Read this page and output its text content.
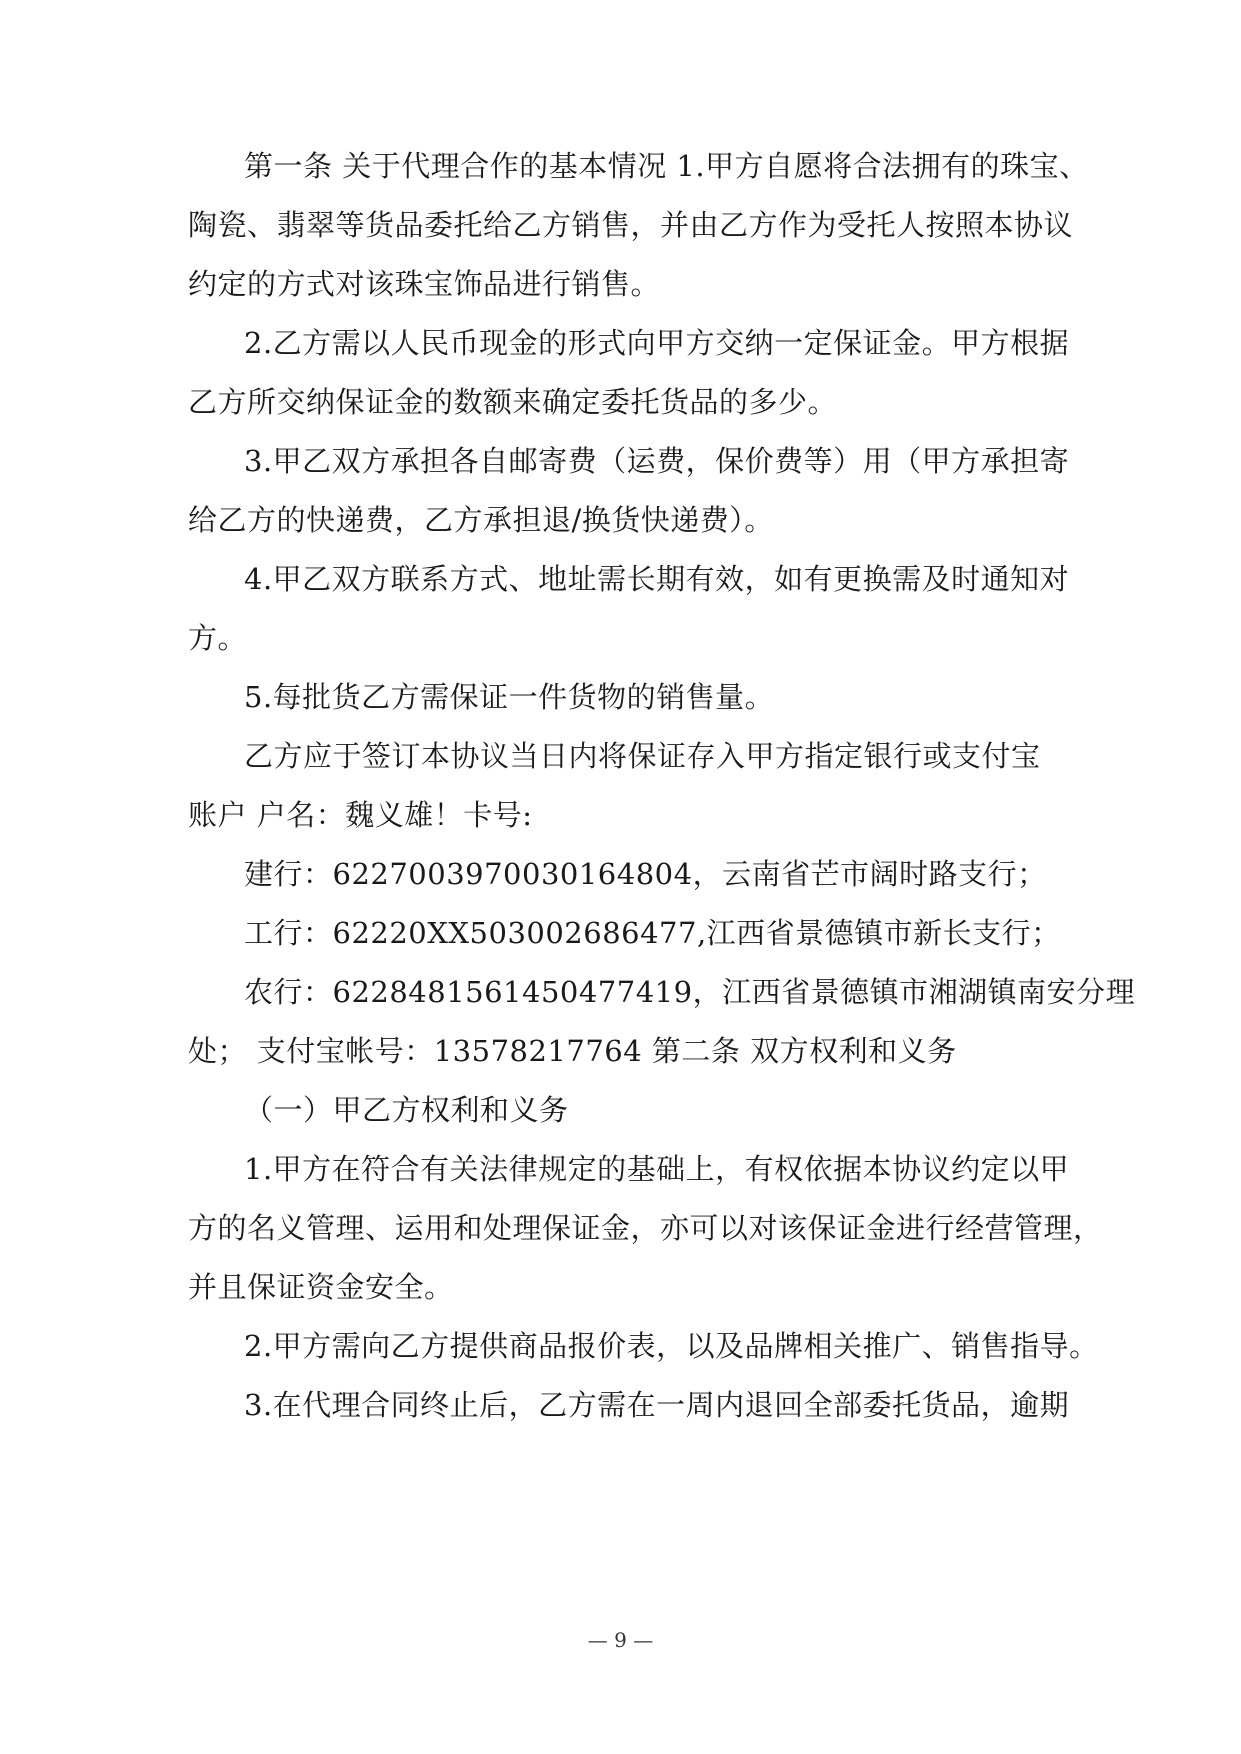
第一条 关于代理合作的基本情况 1.甲方自愿将合法拥有的珠宝、
陶瓷、翡翠等货品委托给乙方销售，并由乙方作为受托人按照本协议
约定的方式对该珠宝饰品进行销售。
2.乙方需以人民币现金的形式向甲方交纳一定保证金。甲方根据
乙方所交纳保证金的数额来确定委托货品的多少。
3.甲乙双方承担各自邮寄费（运费，保价费等）用（甲方承担寄
给乙方的快递费，乙方承担退/换货快递费）。
4.甲乙双方联系方式、地址需长期有效，如有更换需及时通知对
方。
5.每批货乙方需保证一件货物的销售量。
乙方应于签订本协议当日内将保证存入甲方指定银行或支付宝
账户 户名：魏义雄！卡号:
建行：6227003970030164804，云南省芒市阔时路支行；
工行：62220XX503002686477,江西省景德镇市新长支行；
农行：6228481561450477419，江西省景德镇市湘湖镇南安分理
处； 支付宝帐号：13578217764 第二条 双方权利和义务
（一）甲乙方权利和义务
1.甲方在符合有关法律规定的基础上，有权依据本协议约定以甲
方的名义管理、运用和处理保证金，亦可以对该保证金进行经营管理，
并且保证资金安全。
2.甲方需向乙方提供商品报价表，以及品牌相关推广、销售指导。
3.在代理合同终止后，乙方需在一周内退回全部委托货品，逾期
— 9 —
